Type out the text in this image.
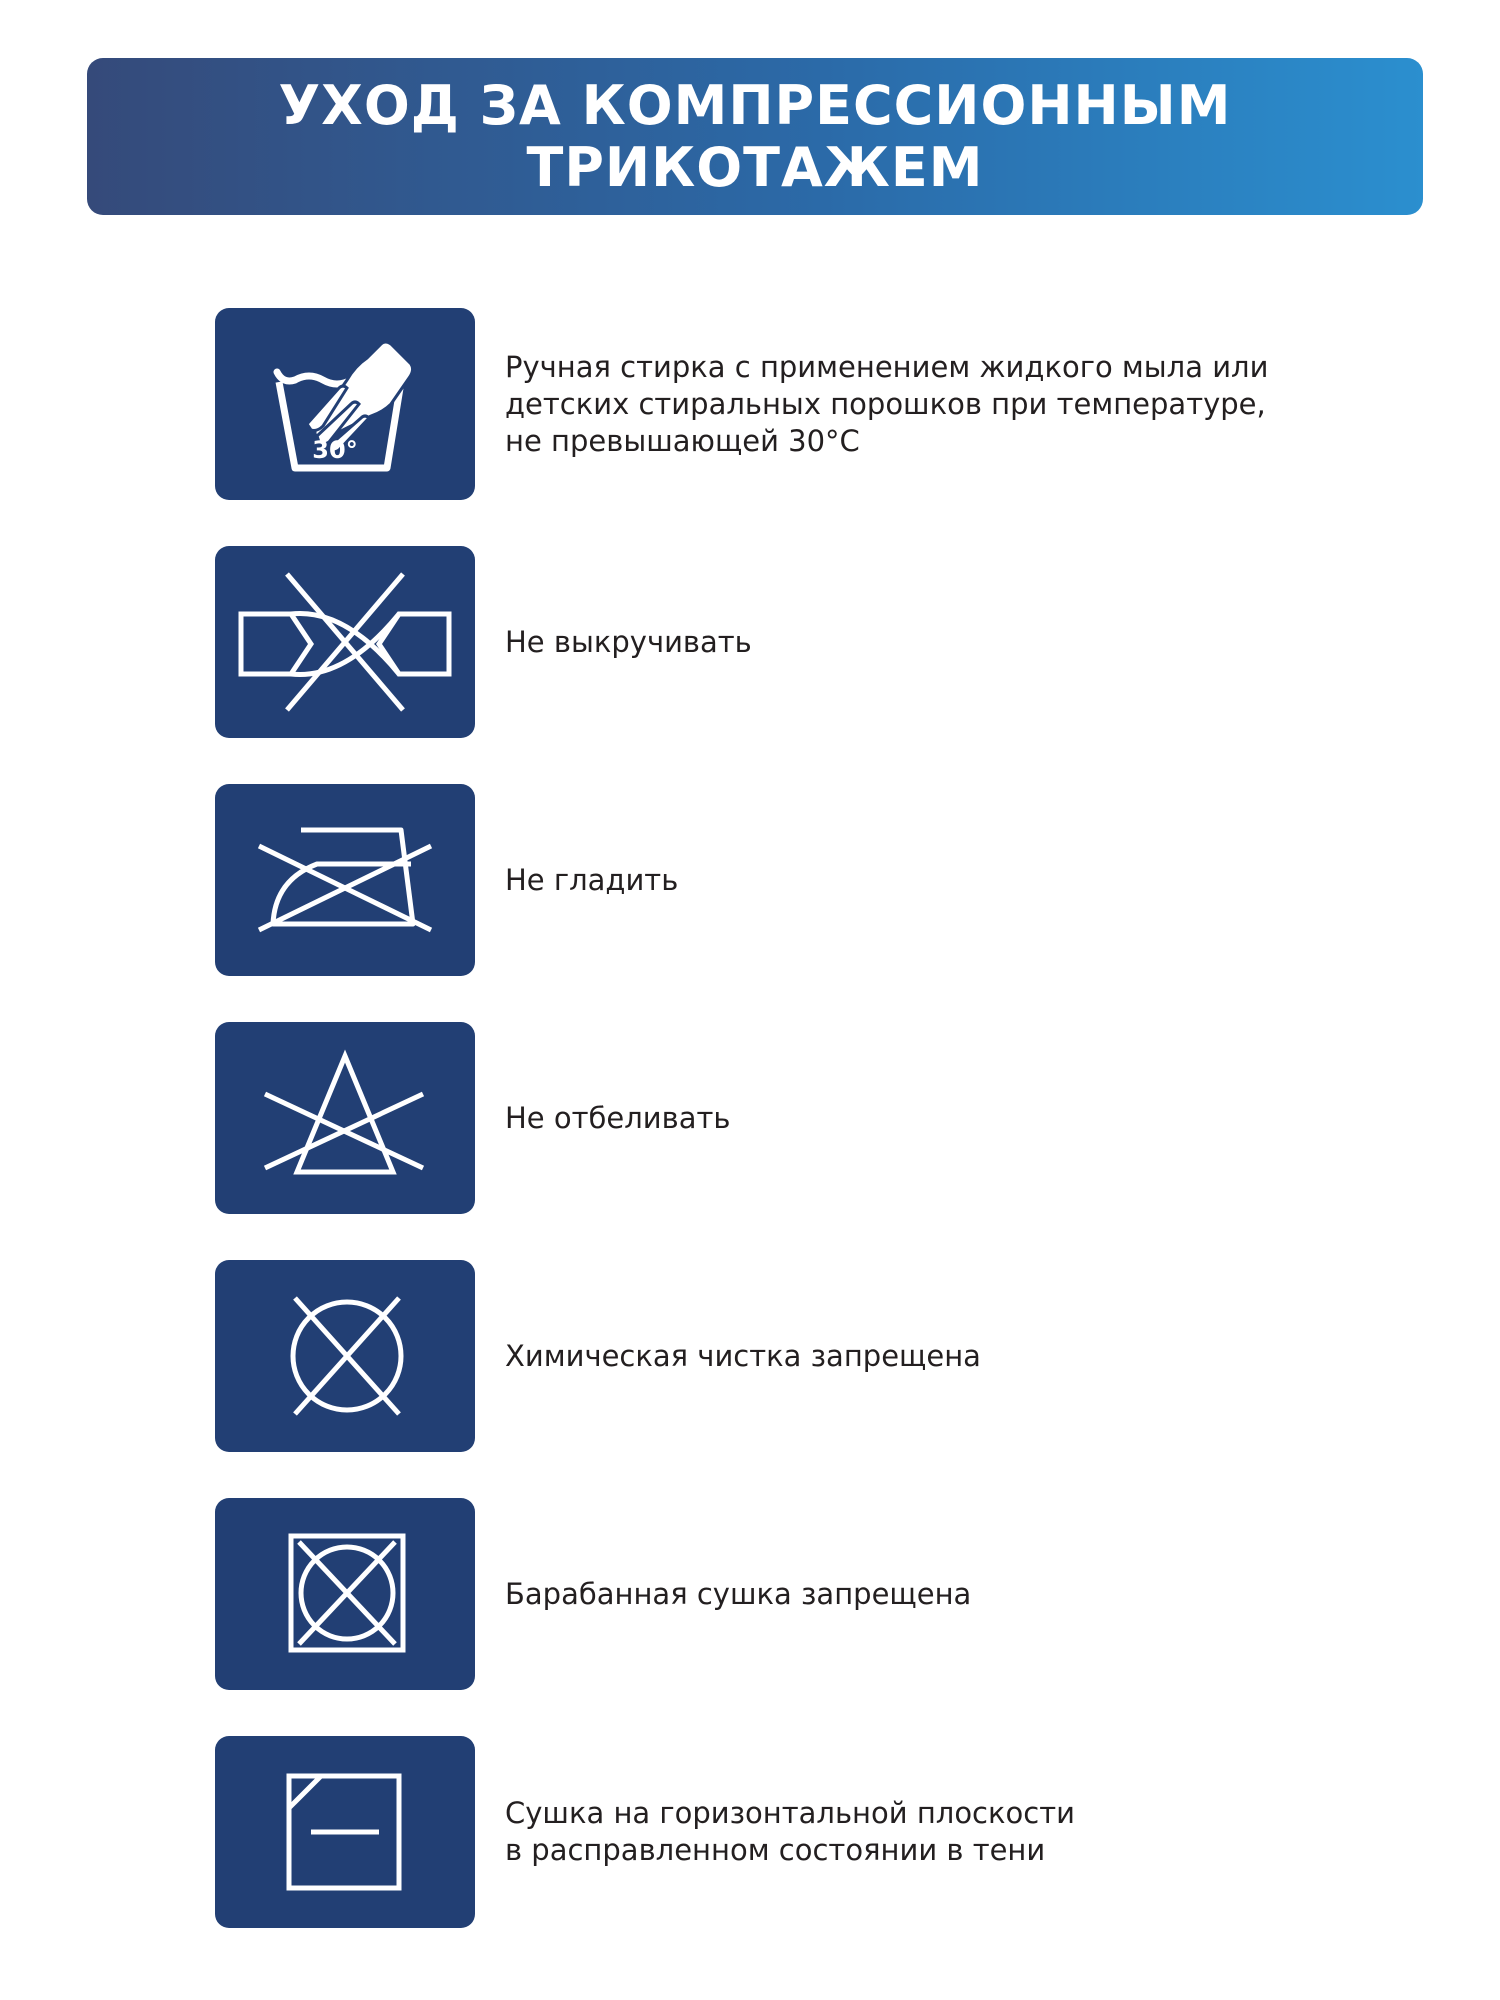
УХОД ЗА КОМПРЕССИОННЫМ
ТРИКОТАЖЕМ
30°
Ручная стирка с применением жидкого мыла или
детских стиральных порошков при температуре,
не превышающей 30°С
Не выкручивать
Не гладить
Не отбеливать
Химическая чистка запрещена
Барабанная сушка запрещена
Сушка на горизонтальной плоскости
в расправленном состоянии в тени
